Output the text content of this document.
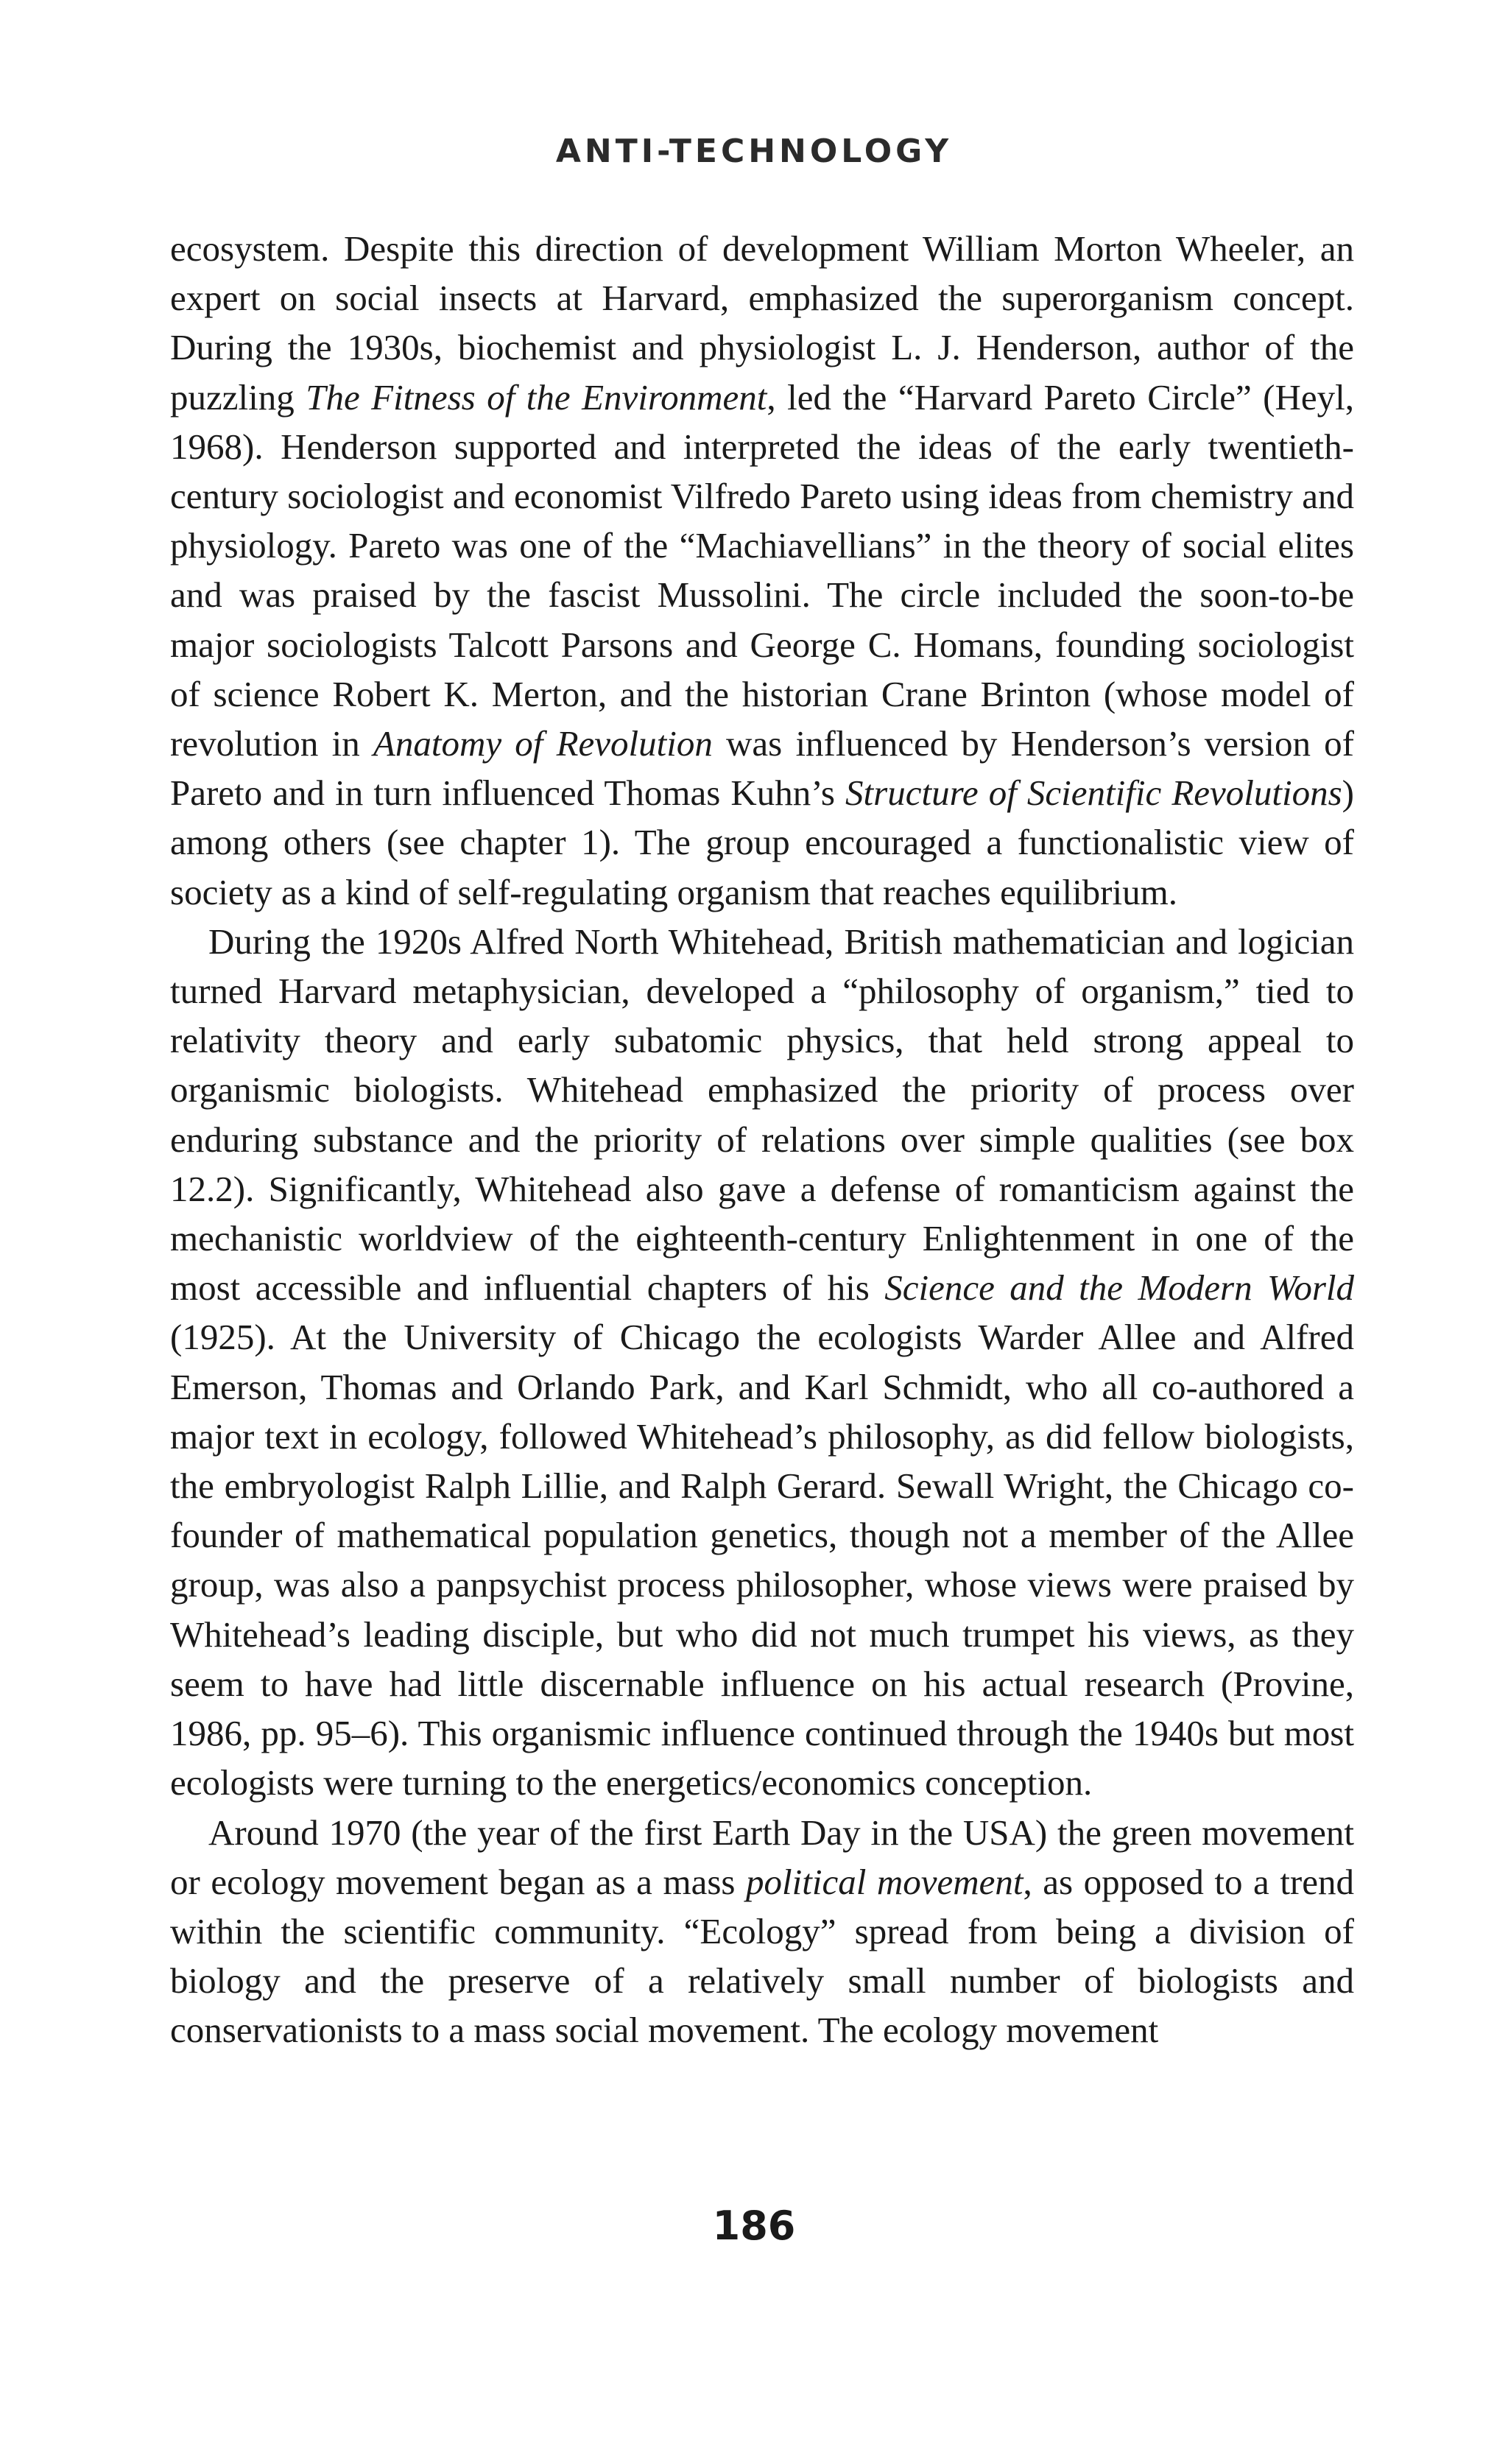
ANTI-TECHNOLOGY

ecosystem. Despite this direction of development William Morton Wheeler, an expert on social insects at Harvard, emphasized the superorganism concept. During the 1930s, biochemist and physiologist L. J. Henderson, author of the puzzling The Fitness of the Environment, led the “Harvard Pareto Circle” (Heyl, 1968). Henderson supported and interpreted the ideas of the early twentieth-century sociologist and economist Vilfredo Pareto using ideas from chemistry and physiology. Pareto was one of the “Machiavellians” in the theory of social elites and was praised by the fascist Mussolini. The circle included the soon-to-be major sociologists Talcott Parsons and George C. Homans, founding sociologist of science Robert K. Merton, and the historian Crane Brinton (whose model of revolution in Anatomy of Revolution was influenced by Henderson’s version of Pareto and in turn influenced Thomas Kuhn’s Structure of Scientific Revolutions) among others (see chapter 1). The group encouraged a functionalistic view of society as a kind of self-regulating organism that reaches equilibrium.

During the 1920s Alfred North Whitehead, British mathematician and logician turned Harvard metaphysician, developed a “philosophy of organism,” tied to relativity theory and early subatomic physics, that held strong appeal to organismic biologists. Whitehead emphasized the priority of process over enduring substance and the priority of relations over simple qualities (see box 12.2). Significantly, Whitehead also gave a defense of romanticism against the mechanistic worldview of the eighteenth-century Enlightenment in one of the most accessible and influential chapters of his Science and the Modern World (1925). At the University of Chicago the ecologists Warder Allee and Alfred Emerson, Thomas and Orlando Park, and Karl Schmidt, who all co-authored a major text in ecology, followed Whitehead’s philosophy, as did fellow biologists, the embryologist Ralph Lillie, and Ralph Gerard. Sewall Wright, the Chicago co-founder of mathematical population genetics, though not a member of the Allee group, was also a panpsychist process philosopher, whose views were praised by Whitehead’s leading disciple, but who did not much trumpet his views, as they seem to have had little discernable influence on his actual research (Provine, 1986, pp. 95–6). This organismic influence continued through the 1940s but most ecologists were turning to the energetics/economics conception.

Around 1970 (the year of the first Earth Day in the USA) the green movement or ecology movement began as a mass political movement, as opposed to a trend within the scientific community. “Ecology” spread from being a division of biology and the preserve of a relatively small number of biologists and conservationists to a mass social movement. The ecology movement

186
